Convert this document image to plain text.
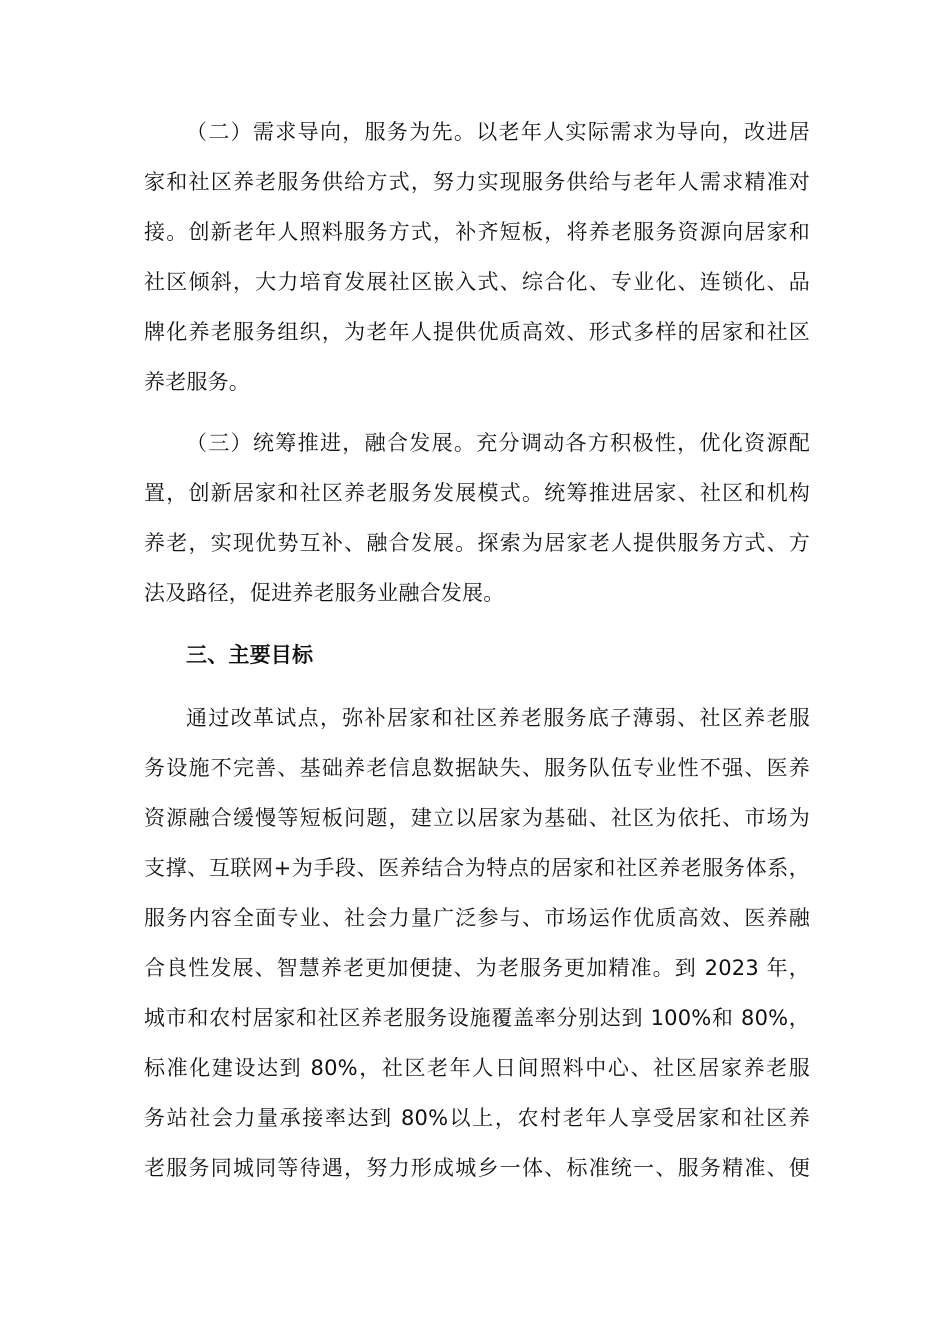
（二）需求导向，服务为先。以老年人实际需求为导向，改进居
家和社区养老服务供给方式，努力实现服务供给与老年人需求精准对
接。创新老年人照料服务方式，补齐短板，将养老服务资源向居家和
社区倾斜，大力培育发展社区嵌入式、综合化、专业化、连锁化、品
牌化养老服务组织，为老年人提供优质高效、形式多样的居家和社区
养老服务。
（三）统筹推进，融合发展。充分调动各方积极性，优化资源配
置，创新居家和社区养老服务发展模式。统筹推进居家、社区和机构
养老，实现优势互补、融合发展。探索为居家老人提供服务方式、方
法及路径，促进养老服务业融合发展。
三、主要目标
通过改革试点，弥补居家和社区养老服务底子薄弱、社区养老服
务设施不完善、基础养老信息数据缺失、服务队伍专业性不强、医养
资源融合缓慢等短板问题，建立以居家为基础、社区为依托、市场为
支撑、互联网+为手段、医养结合为特点的居家和社区养老服务体系，
服务内容全面专业、社会力量广泛参与、市场运作优质高效、医养融
合良性发展、智慧养老更加便捷、为老服务更加精准。到 2023 年，
城市和农村居家和社区养老服务设施覆盖率分别达到 100%和 80%，
标准化建设达到 80%，社区老年人日间照料中心、社区居家养老服
务站社会力量承接率达到 80%以上，农村老年人享受居家和社区养
老服务同城同等待遇，努力形成城乡一体、标准统一、服务精准、便
